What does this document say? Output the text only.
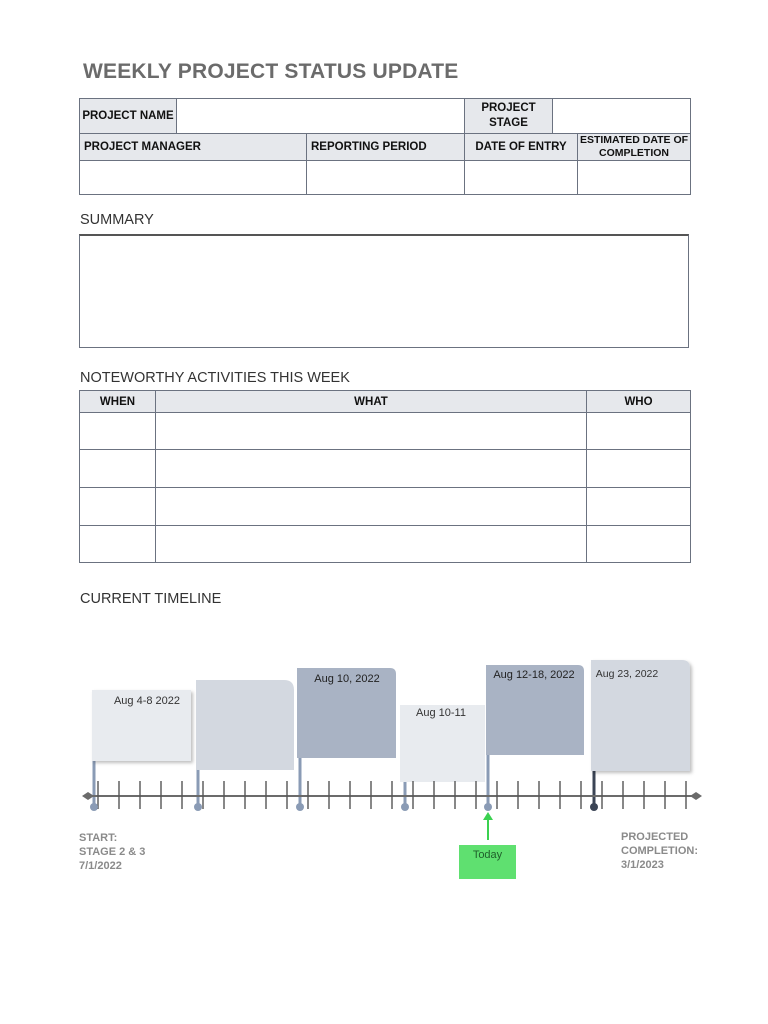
WEEKLY PROJECT STATUS UPDATE
PROJECT NAME			PROJECT STAGE		
PROJECT MANAGER		REPORTING PERIOD	DATE OF ENTRY		ESTIMATED DATE OF COMPLETION

SUMMARY
NOTEWORTHY ACTIVITIES THIS WEEK
WHEN	WHAT	WHO

CURRENT TIMELINE
Aug 4-8 2022
Aug 10, 2022
Aug 10-11
Aug 12-18, 2022 Aug 23, 2022
START:
STAGE 2 & 3
7/1/2022
PROJECTED
COMPLETION:
3/1/2023
Today
